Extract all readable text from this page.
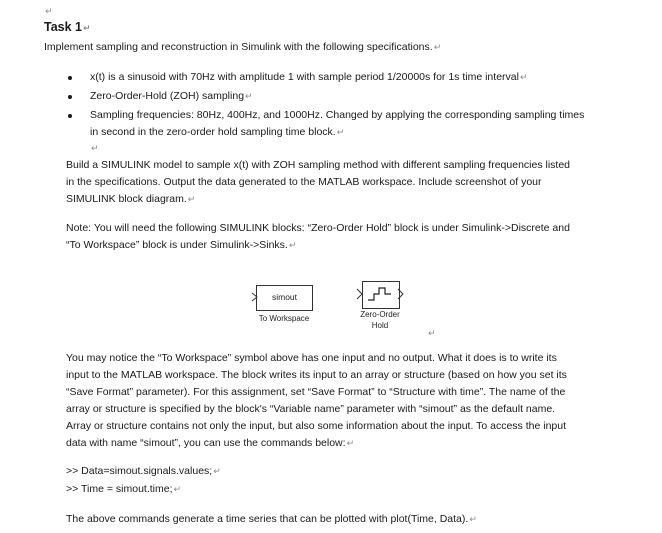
↵
Task 1↵
Implement sampling and reconstruction in Simulink with the following specifications.↵
x(t) is a sinusoid with 70Hz with amplitude 1 with sample period 1/20000s for 1s time interval↵
Zero-Order-Hold (ZOH) sampling↵
Sampling frequencies: 80Hz, 400Hz, and 1000Hz. Changed by applying the corresponding sampling times
in second in the zero-order hold sampling time block.↵
↵
Build a SIMULINK model to sample x(t) with ZOH sampling method with different sampling frequencies listed
in the specifications. Output the data generated to the MATLAB workspace. Include screenshot of your
SIMULINK block diagram.↵
Note: You will need the following SIMULINK blocks: “Zero-Order Hold” block is under Simulink->Discrete and
“To Workspace” block is under Simulink->Sinks.↵
simout
To Workspace	Zero-Order
Hold
↵
You may notice the “To Workspace” symbol above has one input and no output. What it does is to write its
input to the MATLAB workspace. The block writes its input to an array or structure (based on how you set its
“Save Format” parameter). For this assignment, set “Save Format” to “Structure with time”. The name of the
array or structure is specified by the block's “Variable name” parameter with “simout” as the default name.
Array or structure contains not only the input, but also some information about the input. To access the input
data with name “simout”, you can use the commands below:↵
>> Data=simout.signals.values;↵
>> Time = simout.time;↵
The above commands generate a time series that can be plotted with plot(Time, Data).↵
